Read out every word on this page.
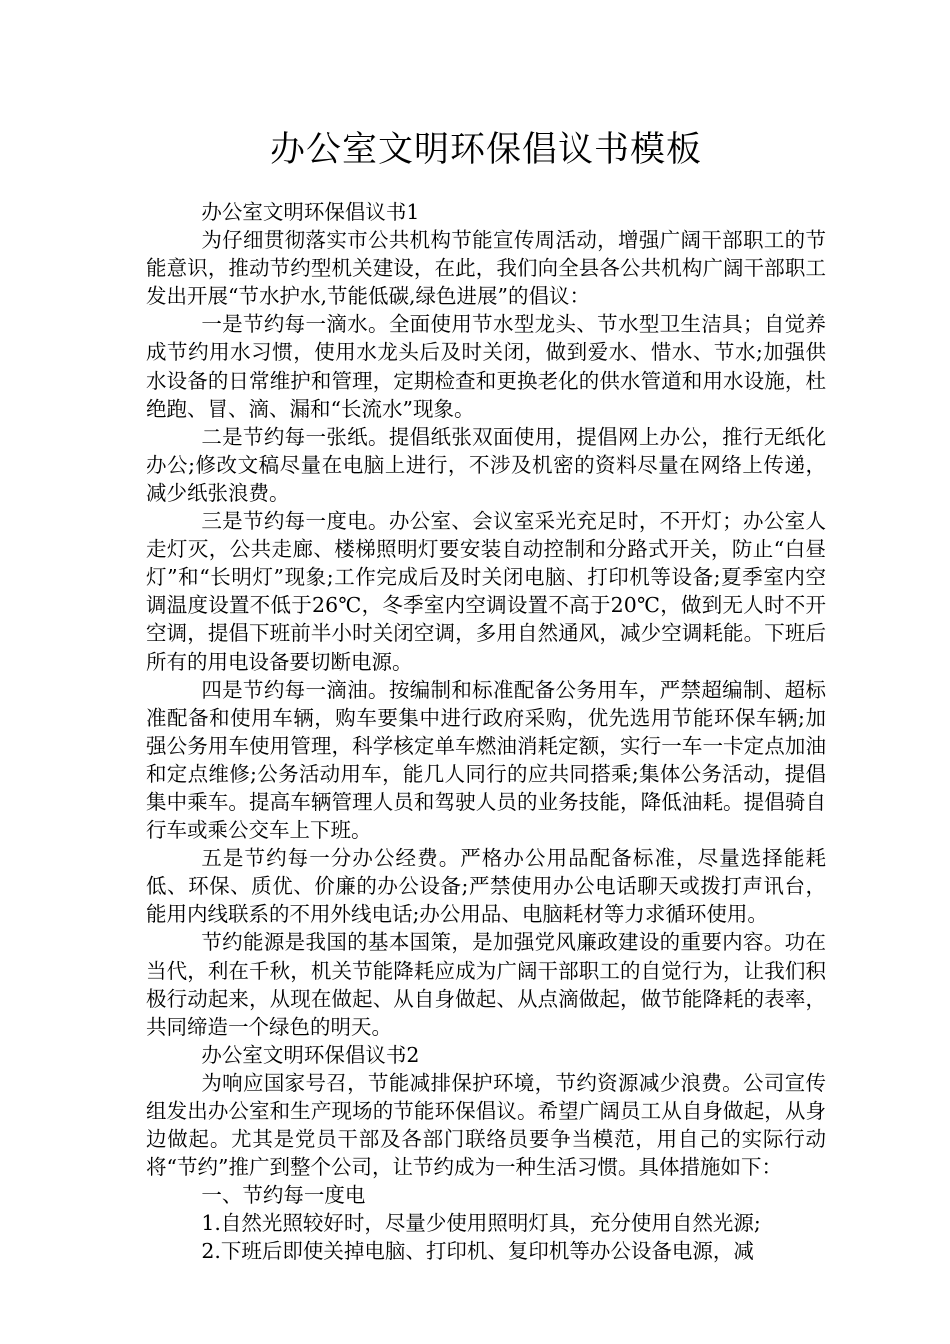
办公室文明环保倡议书模板

办公室文明环保倡议书1

为仔细贯彻落实市公共机构节能宣传周活动，增强广阔干部职工的节能意识，推动节约型机关建设，在此，我们向全县各公共机构广阔干部职工发出开展“节水护水,节能低碳,绿色进展”的倡议：

一是节约每一滴水。全面使用节水型龙头、节水型卫生洁具；自觉养成节约用水习惯，使用水龙头后及时关闭，做到爱水、惜水、节水;加强供水设备的日常维护和管理，定期检查和更换老化的供水管道和用水设施，杜绝跑、冒、滴、漏和“长流水”现象。

二是节约每一张纸。提倡纸张双面使用，提倡网上办公，推行无纸化办公;修改文稿尽量在电脑上进行，不涉及机密的资料尽量在网络上传递，减少纸张浪费。

三是节约每一度电。办公室、会议室采光充足时，不开灯；办公室人走灯灭，公共走廊、楼梯照明灯要安装自动控制和分路式开关，防止“白昼灯”和“长明灯”现象;工作完成后及时关闭电脑、打印机等设备;夏季室内空调温度设置不低于26℃，冬季室内空调设置不高于20℃，做到无人时不开空调，提倡下班前半小时关闭空调，多用自然通风，减少空调耗能。下班后所有的用电设备要切断电源。

四是节约每一滴油。按编制和标准配备公务用车，严禁超编制、超标准配备和使用车辆，购车要集中进行政府采购，优先选用节能环保车辆;加强公务用车使用管理，科学核定单车燃油消耗定额，实行一车一卡定点加油和定点维修;公务活动用车，能几人同行的应共同搭乘;集体公务活动，提倡集中乘车。提高车辆管理人员和驾驶人员的业务技能，降低油耗。提倡骑自行车或乘公交车上下班。

五是节约每一分办公经费。严格办公用品配备标准，尽量选择能耗低、环保、质优、价廉的办公设备;严禁使用办公电话聊天或拨打声讯台，能用内线联系的不用外线电话;办公用品、电脑耗材等力求循环使用。

节约能源是我国的基本国策，是加强党风廉政建设的重要内容。功在当代，利在千秋，机关节能降耗应成为广阔干部职工的自觉行为，让我们积极行动起来，从现在做起、从自身做起、从点滴做起，做节能降耗的表率，共同缔造一个绿色的明天。

办公室文明环保倡议书2

为响应国家号召，节能减排保护环境，节约资源减少浪费。公司宣传组发出办公室和生产现场的节能环保倡议。希望广阔员工从自身做起，从身边做起。尤其是党员干部及各部门联络员要争当模范，用自己的实际行动将“节约”推广到整个公司，让节约成为一种生活习惯。具体措施如下：

一、节约每一度电

1.自然光照较好时，尽量少使用照明灯具，充分使用自然光源;

2.下班后即使关掉电脑、打印机、复印机等办公设备电源，减
